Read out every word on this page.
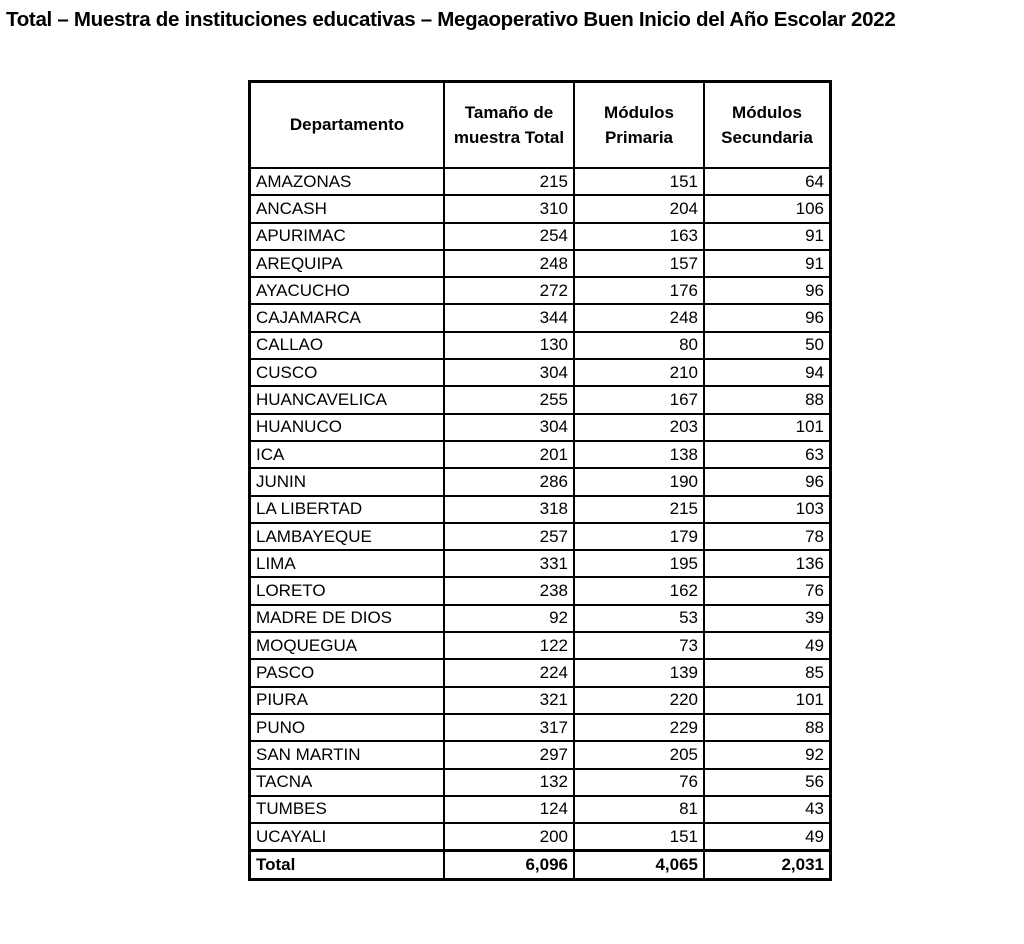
Total – Muestra de instituciones educativas – Megaoperativo Buen Inicio del Año Escolar 2022
Departamento	Tamaño de muestra Total	Módulos Primaria	Módulos Secundaria
AMAZONAS	215	151	64
ANCASH	310	204	106
APURIMAC	254	163	91
AREQUIPA	248	157	91
AYACUCHO	272	176	96
CAJAMARCA	344	248	96
CALLAO	130	80	50
CUSCO	304	210	94
HUANCAVELICA	255	167	88
HUANUCO	304	203	101
ICA	201	138	63
JUNIN	286	190	96
LA LIBERTAD	318	215	103
LAMBAYEQUE	257	179	78
LIMA	331	195	136
LORETO	238	162	76
MADRE DE DIOS	92	53	39
MOQUEGUA	122	73	49
PASCO	224	139	85
PIURA	321	220	101
PUNO	317	229	88
SAN MARTIN	297	205	92
TACNA	132	76	56
TUMBES	124	81	43
UCAYALI	200	151	49
Total	6,096	4,065	2,031
